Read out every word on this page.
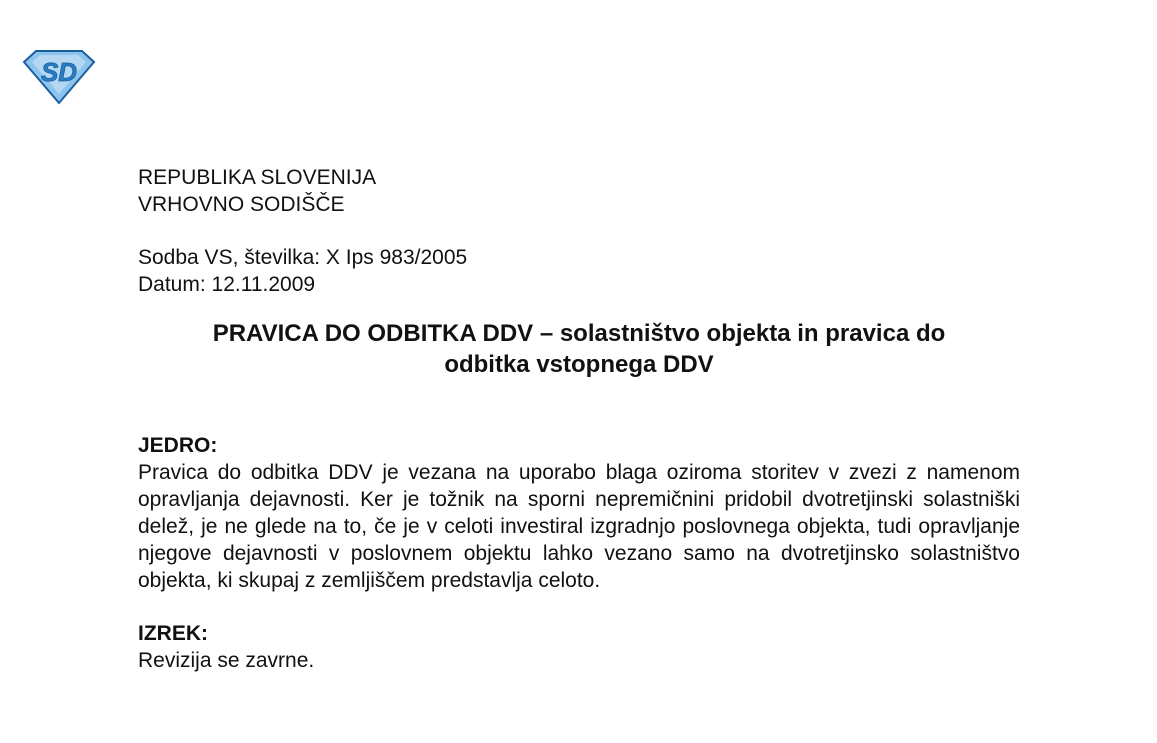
SD
REPUBLIKA SLOVENIJA
VRHOVNO SODIŠČE
Sodba VS, številka: X Ips 983/2005
Datum: 12.11.2009
PRAVICA DO ODBITKA DDV – solastništvo objekta in pravica do
odbitka vstopnega DDV
JEDRO:
Pravica do odbitka DDV je vezana na uporabo blaga oziroma storitev v zvezi z namenom opravljanja dejavnosti. Ker je tožnik na sporni nepremičnini pridobil dvotretjinski solastniški delež, je ne glede na to, če je v celoti investiral izgradnjo poslovnega objekta, tudi opravljanje njegove dejavnosti v poslovnem objektu lahko vezano samo na dvotretjinsko solastništvo objekta, ki skupaj z zemljiščem predstavlja celoto.
IZREK:
Revizija se zavrne.
